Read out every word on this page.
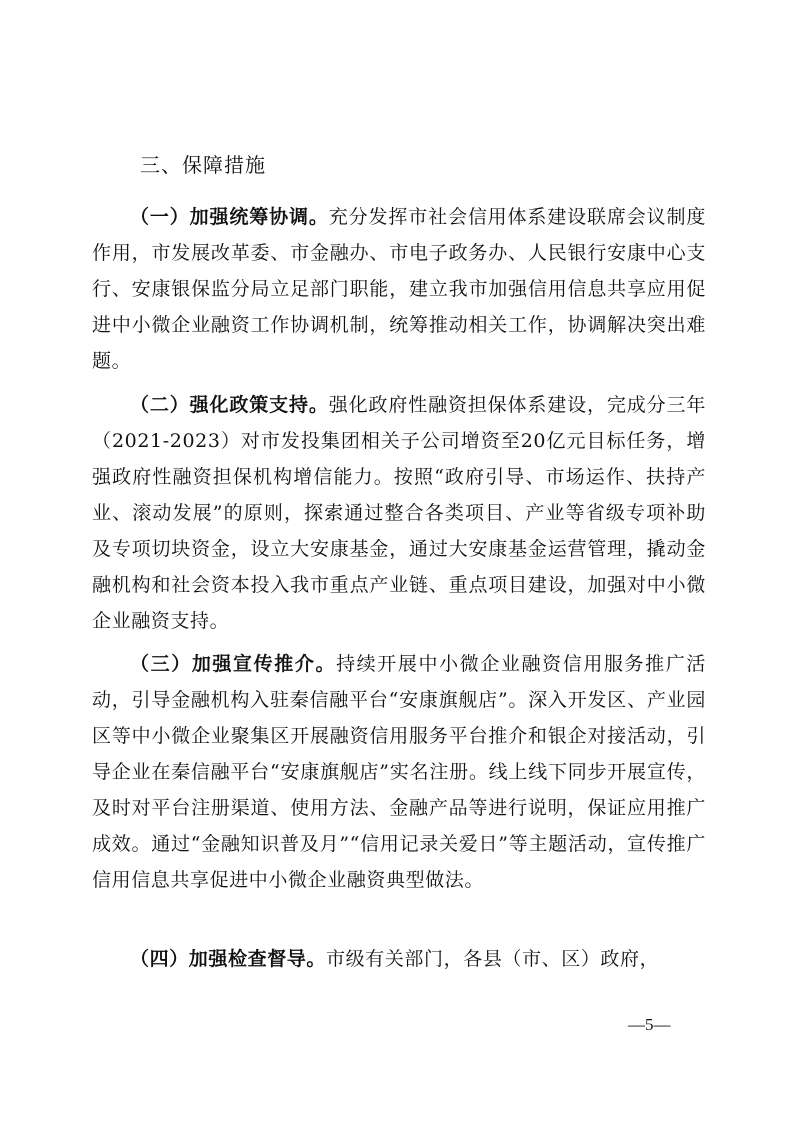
三、保障措施

（一）加强统筹协调。充分发挥市社会信用体系建设联席会议制度作用，市发展改革委、市金融办、市电子政务办、人民银行安康中心支行、安康银保监分局立足部门职能，建立我市加强信用信息共享应用促进中小微企业融资工作协调机制，统筹推动相关工作，协调解决突出难题。

（二）强化政策支持。强化政府性融资担保体系建设，完成分三年（2021-2023）对市发投集团相关子公司增资至20亿元目标任务，增强政府性融资担保机构增信能力。按照“政府引导、市场运作、扶持产业、滚动发展”的原则，探索通过整合各类项目、产业等省级专项补助及专项切块资金，设立大安康基金，通过大安康基金运营管理，撬动金融机构和社会资本投入我市重点产业链、重点项目建设，加强对中小微企业融资支持。

（三）加强宣传推介。持续开展中小微企业融资信用服务推广活动，引导金融机构入驻秦信融平台“安康旗舰店”。深入开发区、产业园区等中小微企业聚集区开展融资信用服务平台推介和银企对接活动，引导企业在秦信融平台“安康旗舰店”实名注册。线上线下同步开展宣传，及时对平台注册渠道、使用方法、金融产品等进行说明，保证应用推广成效。通过“金融知识普及月”“信用记录关爱日”等主题活动，宣传推广信用信息共享促进中小微企业融资典型做法。

（四）加强检查督导。市级有关部门，各县（市、区）政府，

—5—
